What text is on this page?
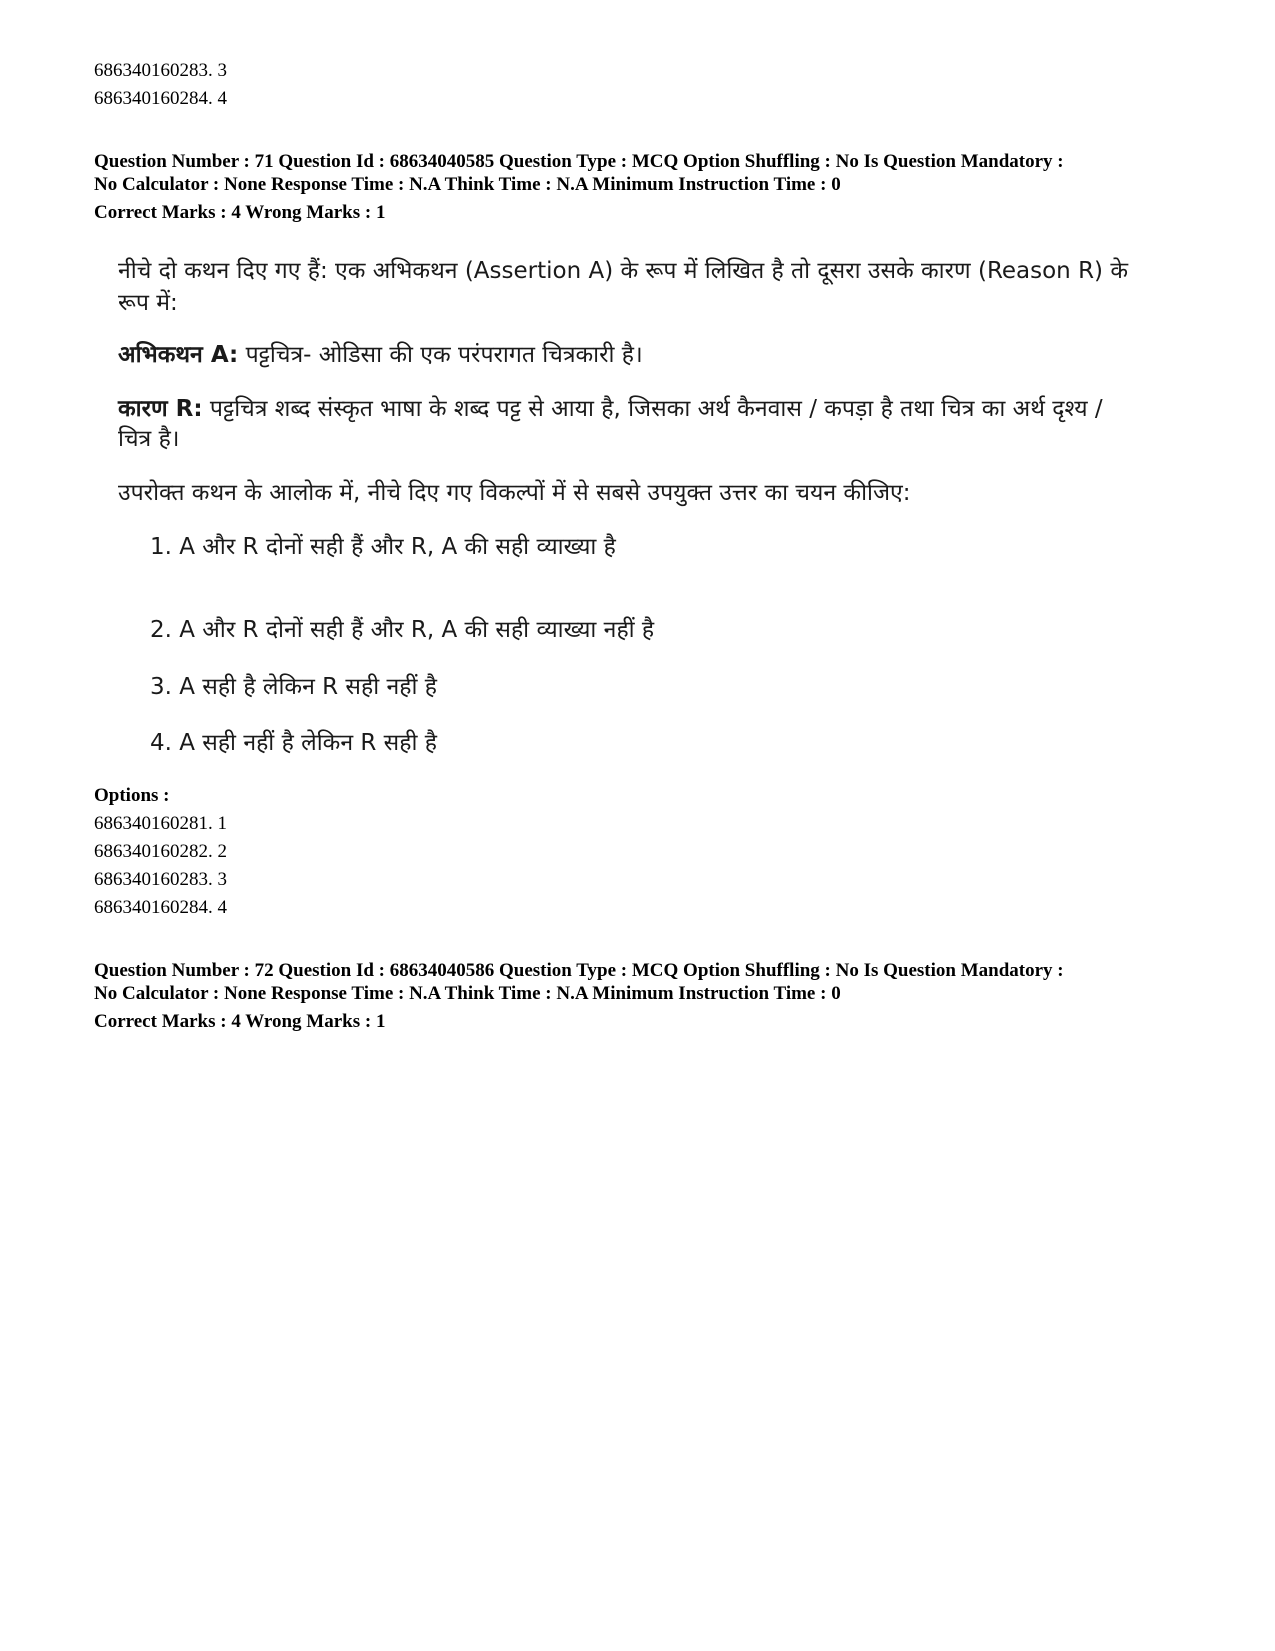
686340160283. 3
686340160284. 4
Question Number : 71 Question Id : 68634040585 Question Type : MCQ Option Shuffling : No Is Question Mandatory :
No Calculator : None Response Time : N.A Think Time : N.A Minimum Instruction Time : 0
Correct Marks : 4 Wrong Marks : 1

नीचे दो कथन दिए गए हैं: एक अभिकथन (Assertion A) के रूप में लिखित है तो दूसरा उसके कारण (Reason R) के

रूप में:

अभिकथन A: पट्टचित्र- ओडिसा की एक परंपरागत चित्रकारी है।

कारण R: पट्टचित्र शब्द संस्कृत भाषा के शब्द पट्ट से आया है, जिसका अर्थ कैनवास / कपड़ा है तथा चित्र का अर्थ दृश्य /

चित्र है।

उपरोक्त कथन के आलोक में, नीचे दिए गए विकल्पों में से सबसे उपयुक्त उत्तर का चयन कीजिए:

1. A और R दोनों सही हैं और R, A की सही व्याख्या है
2. A और R दोनों सही हैं और R, A की सही व्याख्या नहीं है
3. A सही है लेकिन R सही नहीं है
4. A सही नहीं है लेकिन R सही है
Options :
686340160281. 1
686340160282. 2
686340160283. 3
686340160284. 4
Question Number : 72 Question Id : 68634040586 Question Type : MCQ Option Shuffling : No Is Question Mandatory :
No Calculator : None Response Time : N.A Think Time : N.A Minimum Instruction Time : 0
Correct Marks : 4 Wrong Marks : 1
